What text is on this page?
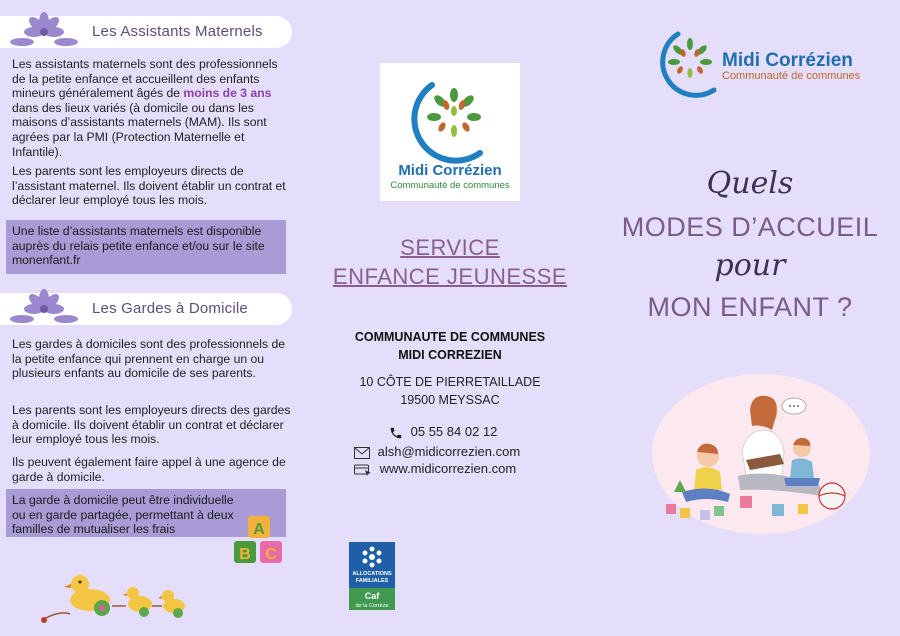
Les Assistants Maternels
Les assistants maternels sont des professionnels de la petite enfance et accueillent des enfants mineurs généralement âgés de moins de 3 ans dans des lieux variés (à domicile ou dans les maisons d’assistants maternels (MAM). Ils sont agrées par la PMI (Protection Maternelle et Infantile).
Les parents sont les employeurs directs de l’assistant maternel. Ils doivent établir un contrat et déclarer leur employé tous les mois.
Une liste d’assistants maternels est disponible auprès du relais petite enfance et/ou sur le site monenfant.fr
Les Gardes à Domicile
Les gardes à domiciles sont des professionnels de la petite enfance qui prennent en charge un ou plusieurs enfants au domicile de ses parents.
Les parents sont les employeurs directs des gardes à domicile. Ils doivent établir un contrat et déclarer leur employé tous les mois.
Ils peuvent également faire appel à une agence de garde à domicile.
La garde à domicile peut être individuelle ou en garde partagée, permettant à deux familles de mutualiser les frais	A
B C
Midi Corrézien
Communauté de communes
SERVICE
ENFANCE JEUNESSE
COMMUNAUTE DE COMMUNES
MIDI CORREZIEN
10 CÔTE DE PIERRETAILLADE
19500 MEYSSAC
05 55 84 02 12
alsh@midicorrezien.com
www.midicorrezien.com
ALLOCATIONS
FAMILIALES
Caf
de la Corrèze
Midi Corrézien
Communauté de communes
Quels
MODES D’ACCUEIL
pour
MON ENFANT ?
